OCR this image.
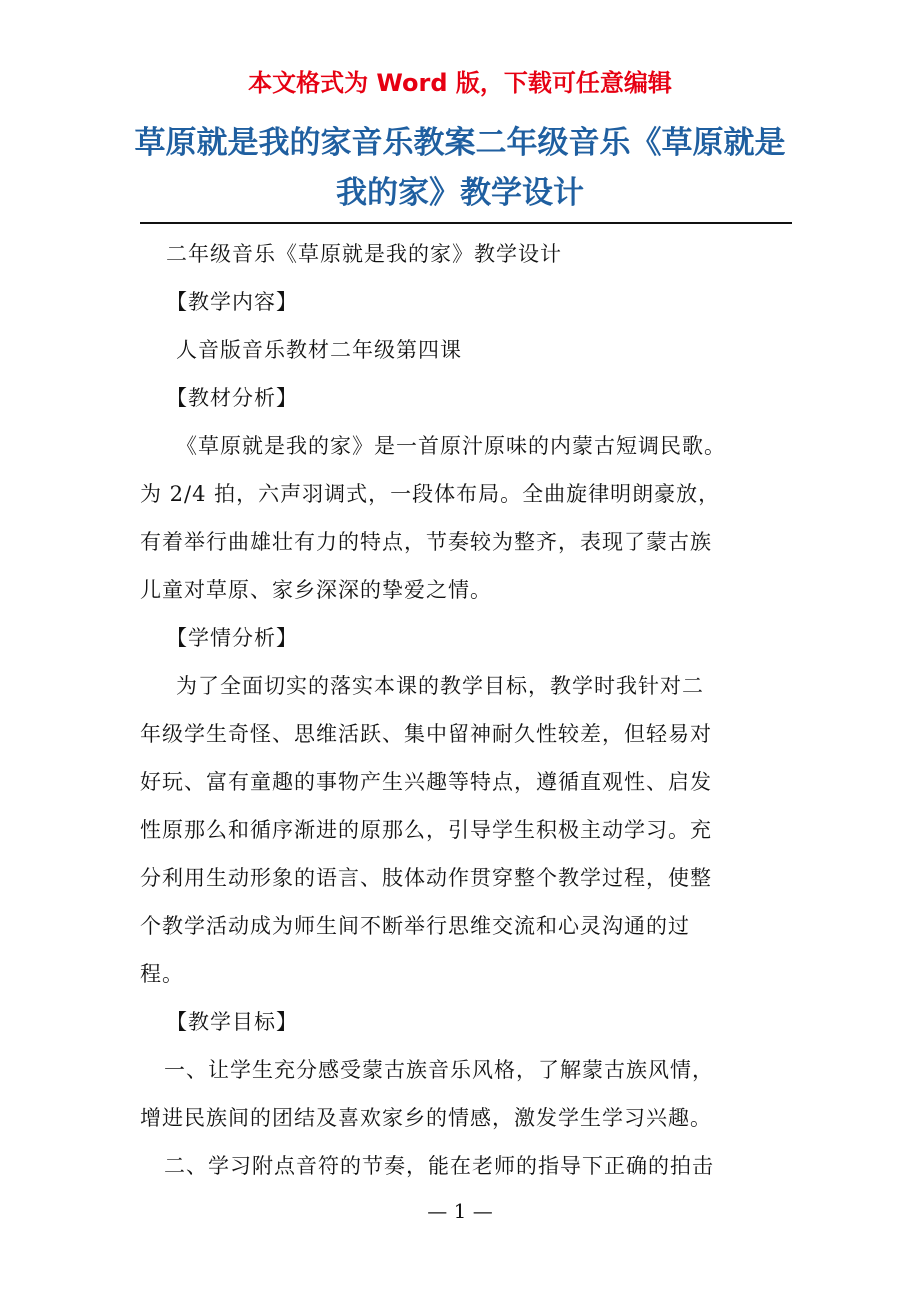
本文格式为 Word 版，下载可任意编辑

草原就是我的家音乐教案二年级音乐《草原就是我的家》教学设计

二年级音乐《草原就是我的家》教学设计

【教学内容】

人音版音乐教材二年级第四课

【教材分析】

《草原就是我的家》是一首原汁原味的内蒙古短调民歌。

为 2/4 拍，六声羽调式，一段体布局。全曲旋律明朗豪放，

有着举行曲雄壮有力的特点，节奏较为整齐，表现了蒙古族

儿童对草原、家乡深深的挚爱之情。

【学情分析】

为了全面切实的落实本课的教学目标，教学时我针对二

年级学生奇怪、思维活跃、集中留神耐久性较差，但轻易对

好玩、富有童趣的事物产生兴趣等特点，遵循直观性、启发

性原那么和循序渐进的原那么，引导学生积极主动学习。充

分利用生动形象的语言、肢体动作贯穿整个教学过程，使整

个教学活动成为师生间不断举行思维交流和心灵沟通的过

程。

【教学目标】

一、让学生充分感受蒙古族音乐风格，了解蒙古族风情，

增进民族间的团结及喜欢家乡的情感，激发学生学习兴趣。

二、学习附点音符的节奏，能在老师的指导下正确的拍击

— 1 —
